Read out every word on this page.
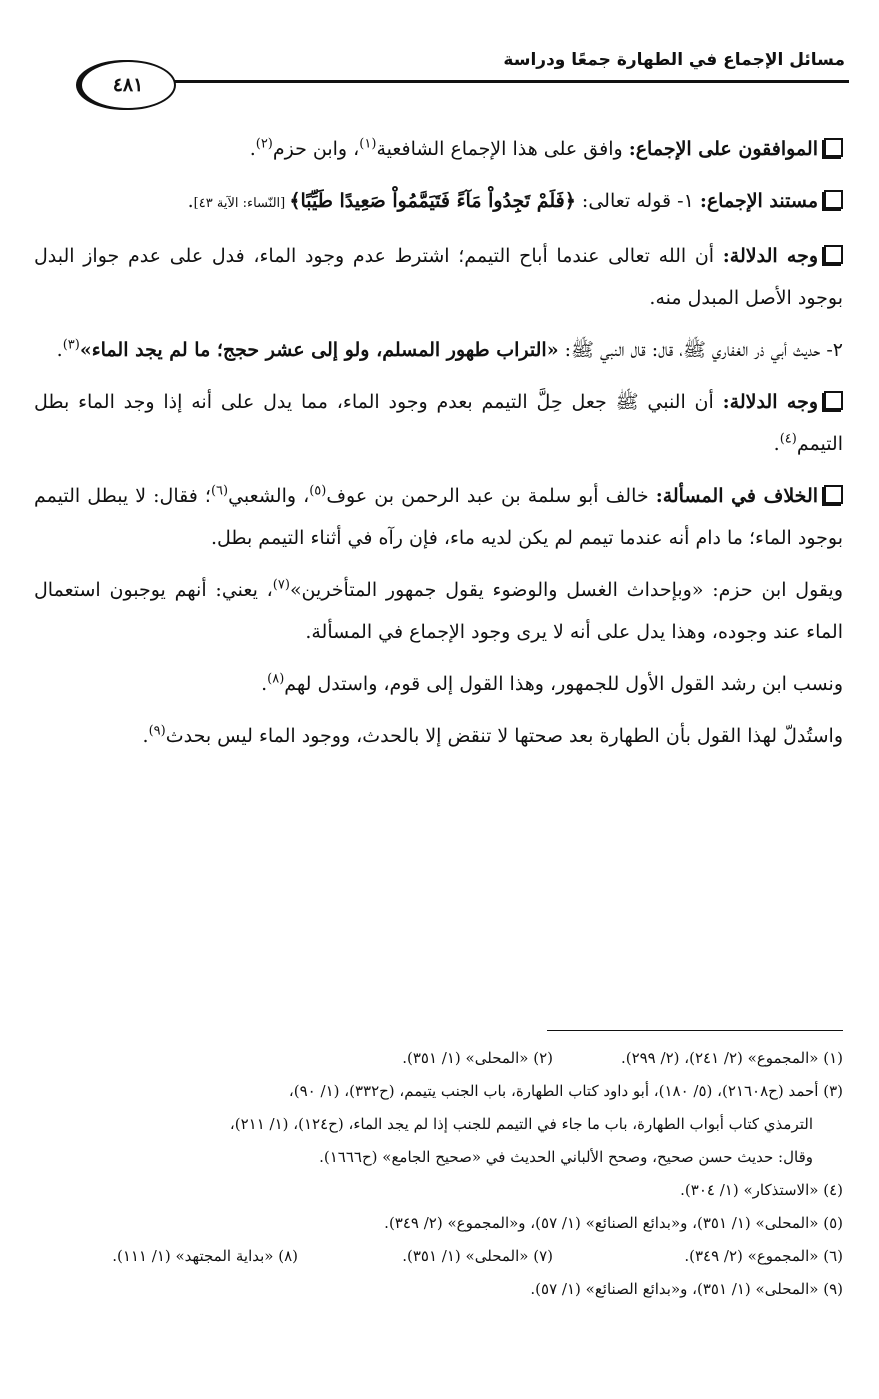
مسائل الإجماع في الطهارة جمعًا ودراسة
٤٨١

الموافقون على الإجماع: وافق على هذا الإجماع الشافعية$^{(١)}$، وابن حزم$^{(٢)}$.

مستند الإجماع: ١- قوله تعالى: ﴿فَلَمْ تَجِدُواْ مَآءً فَتَيَمَّمُواْ صَعِيدًا طَيِّبًا﴾ [النّساء: الآية ٤٣].

وجه الدلالة: أن الله تعالى عندما أباح التيمم؛ اشترط عدم وجود الماء، فدل على عدم جواز البدل بوجود الأصل المبدل منه.

٢- حديث أبي ذر الغفاري ﷺ، قال: قال النبي ﷺ: «التراب طهور المسلم، ولو إلى عشر حجج؛ ما لم يجد الماء»$^{(٣)}$.

وجه الدلالة: أن النبي ﷺ جعل حِلَّ التيمم بعدم وجود الماء، مما يدل على أنه إذا وجد الماء بطل التيمم$^{(٤)}$.

الخلاف في المسألة: خالف أبو سلمة بن عبد الرحمن بن عوف$^{(٥)}$، والشعبي$^{(٦)}$؛ فقال: لا يبطل التيمم بوجود الماء؛ ما دام أنه عندما تيمم لم يكن لديه ماء، فإن رآه في أثناء التيمم بطل.

ويقول ابن حزم: «وبإحداث الغسل والوضوء يقول جمهور المتأخرين»$^{(٧)}$، يعني: أنهم يوجبون استعمال الماء عند وجوده، وهذا يدل على أنه لا يرى وجود الإجماع في المسألة.

ونسب ابن رشد القول الأول للجمهور، وهذا القول إلى قوم، واستدل لهم$^{(٨)}$.

واستُدلّ لهذا القول بأن الطهارة بعد صحتها لا تنقض إلا بالحدث، ووجود الماء ليس بحدث$^{(٩)}$.

(١) «المجموع» (٢/ ٢٤١)، (٢/ ٢٩٩).
(٢) «المحلى» (١/ ٣٥١).
(٣) أحمد (ح٢١٦٠٨)، (٥/ ١٨٠)، أبو داود كتاب الطهارة، باب الجنب يتيمم، (ح٣٣٢)، (١/ ٩٠)،
الترمذي كتاب أبواب الطهارة، باب ما جاء في التيمم للجنب إذا لم يجد الماء، (ح١٢٤)، (١/ ٢١١)،
وقال: حديث حسن صحيح، وصحح الألباني الحديث في «صحيح الجامع» (ح١٦٦٦).
(٤) «الاستذكار» (١/ ٣٠٤).
(٥) «المحلى» (١/ ٣٥١)، و«بدائع الصنائع» (١/ ٥٧)، و«المجموع» (٢/ ٣٤٩).
(٦) «المجموع» (٢/ ٣٤٩).
(٧) «المحلى» (١/ ٣٥١).
(٨) «بداية المجتهد» (١/ ١١١).
(٩) «المحلى» (١/ ٣٥١)، و«بدائع الصنائع» (١/ ٥٧).
